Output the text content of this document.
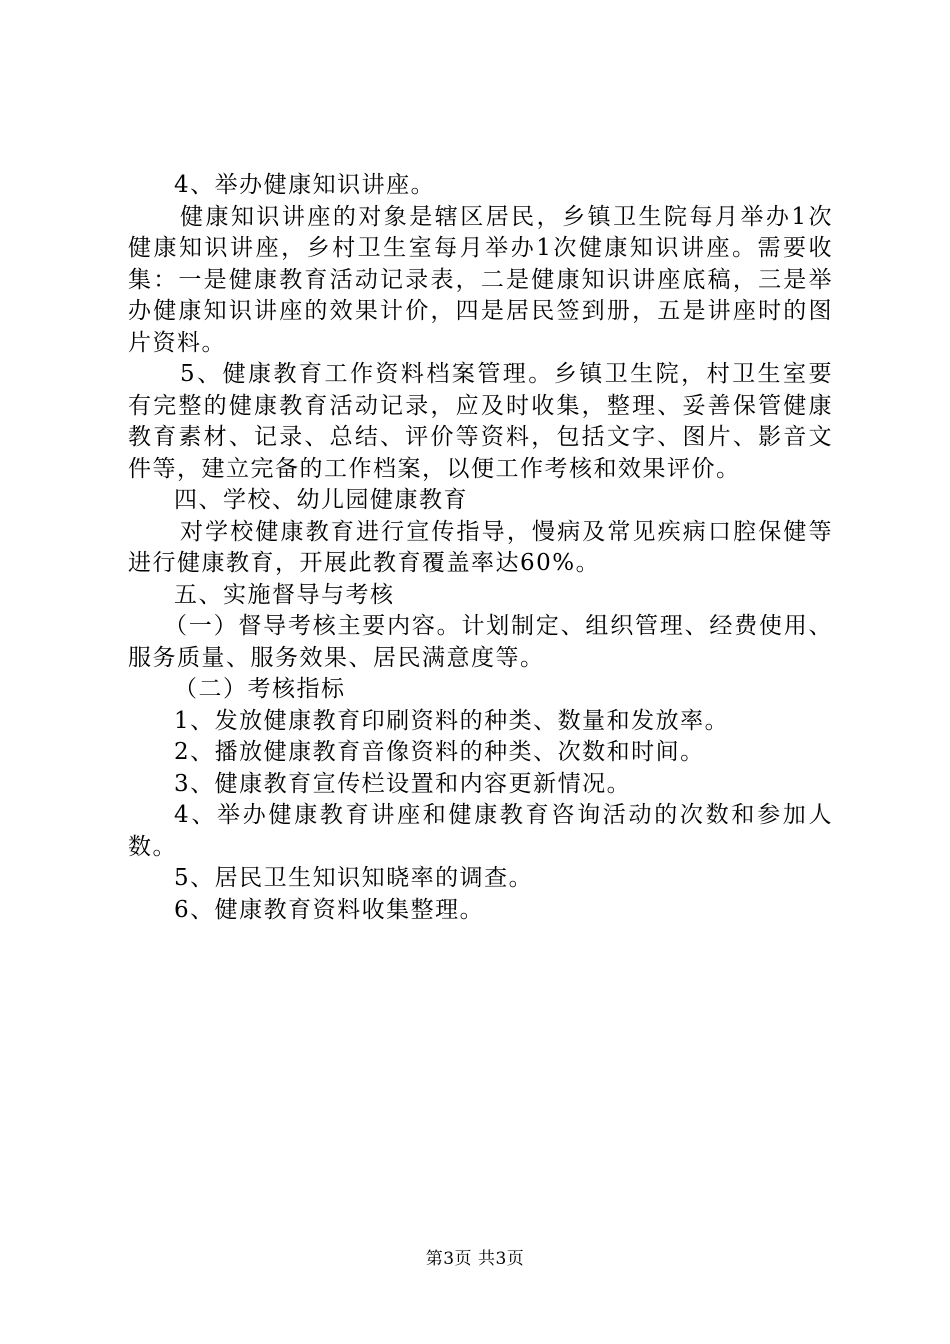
4、举办健康知识讲座。

健康知识讲座的对象是辖区居民，乡镇卫生院每月举办1次健康知识讲座，乡村卫生室每月举办1次健康知识讲座。需要收集：一是健康教育活动记录表，二是健康知识讲座底稿，三是举办健康知识讲座的效果计价，四是居民签到册，五是讲座时的图片资料。

5、健康教育工作资料档案管理。乡镇卫生院，村卫生室要有完整的健康教育活动记录，应及时收集，整理、妥善保管健康教育素材、记录、总结、评价等资料，包括文字、图片、影音文件等，建立完备的工作档案，以便工作考核和效果评价。

四、学校、幼儿园健康教育

对学校健康教育进行宣传指导，慢病及常见疾病口腔保健等进行健康教育，开展此教育覆盖率达60%。

五、实施督导与考核

（一）督导考核主要内容。计划制定、组织管理、经费使用、服务质量、服务效果、居民满意度等。

（二）考核指标

1、发放健康教育印刷资料的种类、数量和发放率。

2、播放健康教育音像资料的种类、次数和时间。

3、健康教育宣传栏设置和内容更新情况。

4、举办健康教育讲座和健康教育咨询活动的次数和参加人数。

5、居民卫生知识知晓率的调查。

6、健康教育资料收集整理。

第3页 共3页
